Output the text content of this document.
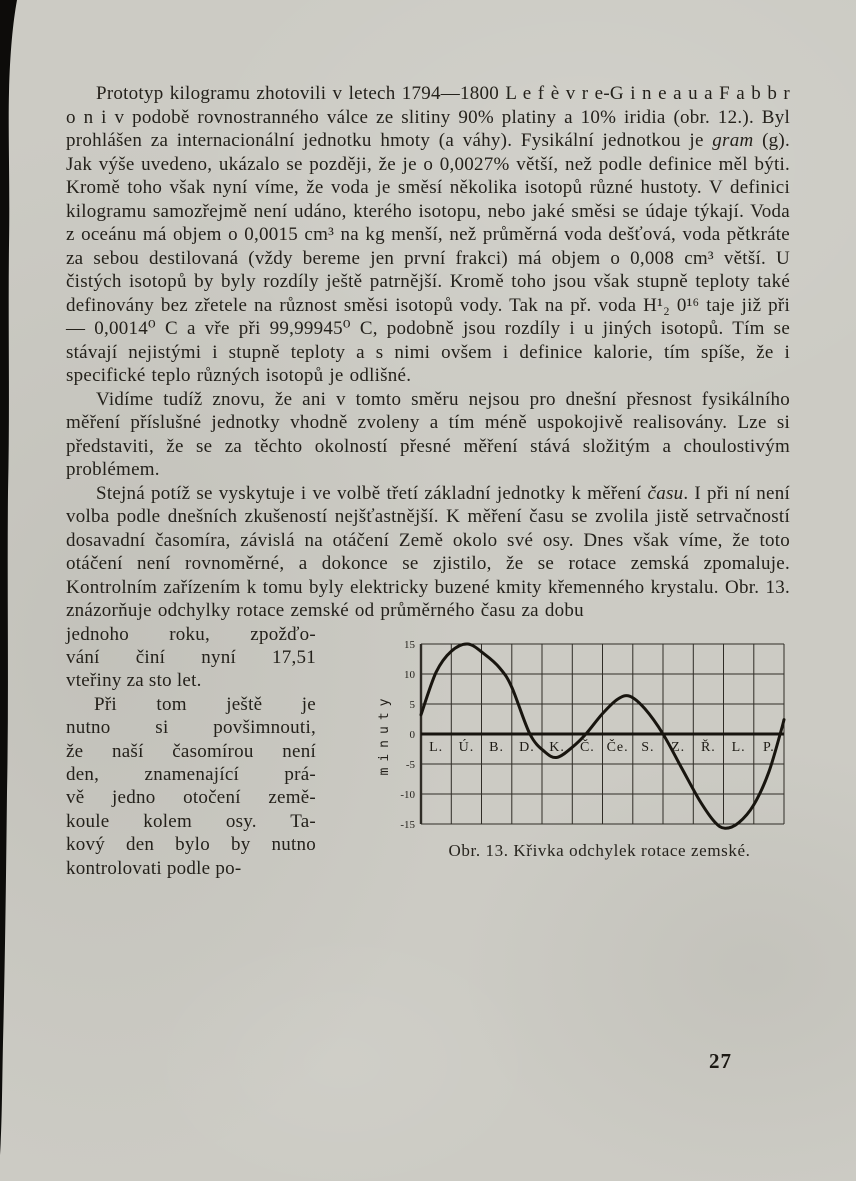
Prototyp kilogramu zhotovili v letech 1794—1800 L e f è v r e-G i n e a u a F a b b r o n i v podobě rovnostranného válce ze slitiny 90% platiny a 10% iridia (obr. 12.). Byl prohlášen za internacionální jednotku hmoty (a váhy). Fysikální jednotkou je gram (g). Jak výše uvedeno, ukázalo se později, že je o 0,0027% větší, než podle definice měl býti. Kromě toho však nyní víme, že voda je směsí několika isotopů různé hustoty. V definici kilogramu samozřejmě není udáno, kterého isotopu, nebo jaké směsi se údaje týkají. Voda z oceánu má objem o 0,0015 cm³ na kg menší, než průměrná voda dešťová, voda pětkráte za sebou destilovaná (vždy bereme jen první frakci) má objem o 0,008 cm³ větší. U čistých isotopů by byly rozdíly ještě patrnější. Kromě toho jsou však stupně teploty také definovány bez zřetele na různost směsi isotopů vody. Tak na př. voda H¹₂ 0¹⁶ taje již při — 0,0014⁰ C a vře při 99,99945⁰ C, podobně jsou rozdíly i u jiných isotopů. Tím se stávají nejistými i stupně teploty a s nimi ovšem i definice kalorie, tím spíše, že i specifické teplo různých isotopů je odlišné.

Vidíme tudíž znovu, že ani v tomto směru nejsou pro dnešní přesnost fysikálního měření příslušné jednotky vhodně zvoleny a tím méně uspokojivě realisovány. Lze si představiti, že se za těchto okolností přesné měření stává složitým a choulostivým problémem.

Stejná potíž se vyskytuje i ve volbě třetí základní jednotky k měření času. I při ní není volba podle dnešních zkušeností nejšťastnější. K měření času se zvolila jistě setrvačností dosavadní časomíra, závislá na otáčení Země okolo své osy. Dnes však víme, že toto otáčení není rovnoměrné, a dokonce se zjistilo, že se rotace zemská zpomaluje. Kontrolním zařízením k tomu byly elektricky buzené kmity křemenného krystalu. Obr. 13. znázorňuje odchylky rotace zemské od průměrného času za dobu

jednoho roku, zpožďo-
vání činí nyní 17,51
vteřiny za sto let.
Při tom ještě je
nutno si povšimnouti,
že naší časomírou není
den, znamenající prá-
vě jedno otočení země-
koule kolem osy. Ta-
kový den bylo by nutno
kontrolovati podle po-
15
10
5
0
-5
-10
-15
minuty	L. Ú. B. D. K. Č. Če. S. Z. Ř. L. P.
Obr. 13. Křivka odchylek rotace zemské.
27
